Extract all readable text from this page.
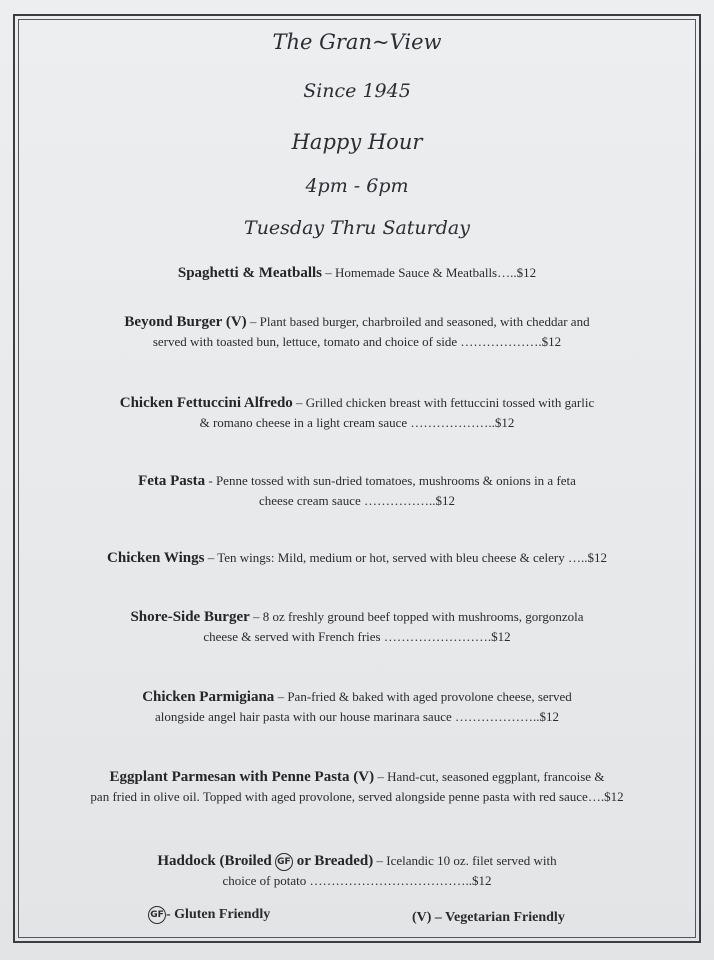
The Gran~View
Since 1945
Happy Hour
4pm - 6pm
Tuesday Thru Saturday
Spaghetti & Meatballs – Homemade Sauce & Meatballs…..$12
Beyond Burger (V) – Plant based burger, charbroiled and seasoned, with cheddar and
served with toasted bun, lettuce, tomato and choice of side ……………….$12
Chicken Fettuccini Alfredo – Grilled chicken breast with fettuccini tossed with garlic
& romano cheese in a light cream sauce ………………..$12
Feta Pasta - Penne tossed with sun-dried tomatoes, mushrooms & onions in a feta
cheese cream sauce ……………..$12
Chicken Wings – Ten wings: Mild, medium or hot, served with bleu cheese & celery …..$12
Shore-Side Burger – 8 oz freshly ground beef topped with mushrooms, gorgonzola
cheese & served with French fries …………………….$12
Chicken Parmigiana – Pan-fried & baked with aged provolone cheese, served
alongside angel hair pasta with our house marinara sauce ………………..$12
Eggplant Parmesan with Penne Pasta (V) – Hand-cut, seasoned eggplant, francoise &
pan fried in olive oil. Topped with aged provolone, served alongside penne pasta with red sauce….$12
Haddock (Broiled GF or Breaded) – Icelandic 10 oz. filet served with
choice of potato ………………………………..$12
GF - Gluten Friendly	(V) – Vegetarian Friendly
